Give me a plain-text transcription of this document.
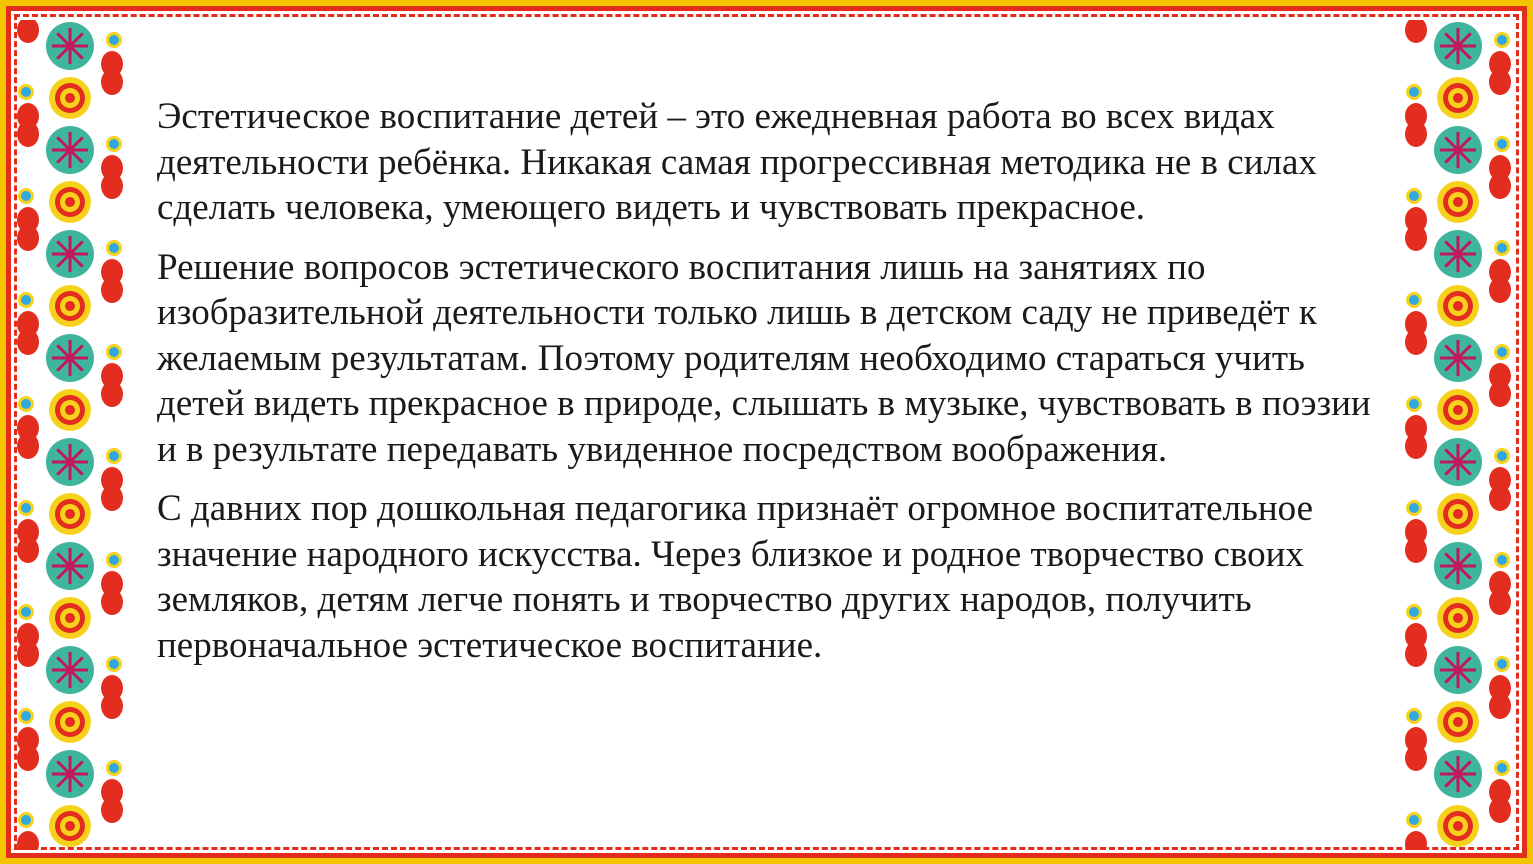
Эстетическое воспитание детей – это ежедневная работа во всех видах деятельности ребёнка. Никакая самая прогрессивная методика не в силах сделать человека, умеющего видеть и чувствовать прекрасное.

Решение вопросов эстетического воспитания лишь на занятиях по изобразительной деятельности только лишь в детском саду не приведёт к желаемым результатам. Поэтому родителям необходимо стараться учить детей видеть прекрасное в природе, слышать в музыке, чувствовать в поэзии и в результате передавать увиденное посредством воображения.

С давних пор дошкольная педагогика признаёт огромное воспитательное значение народного искусства. Через близкое и родное творчество своих земляков, детям легче понять и творчество других народов, получить первоначальное эстетическое воспитание.
